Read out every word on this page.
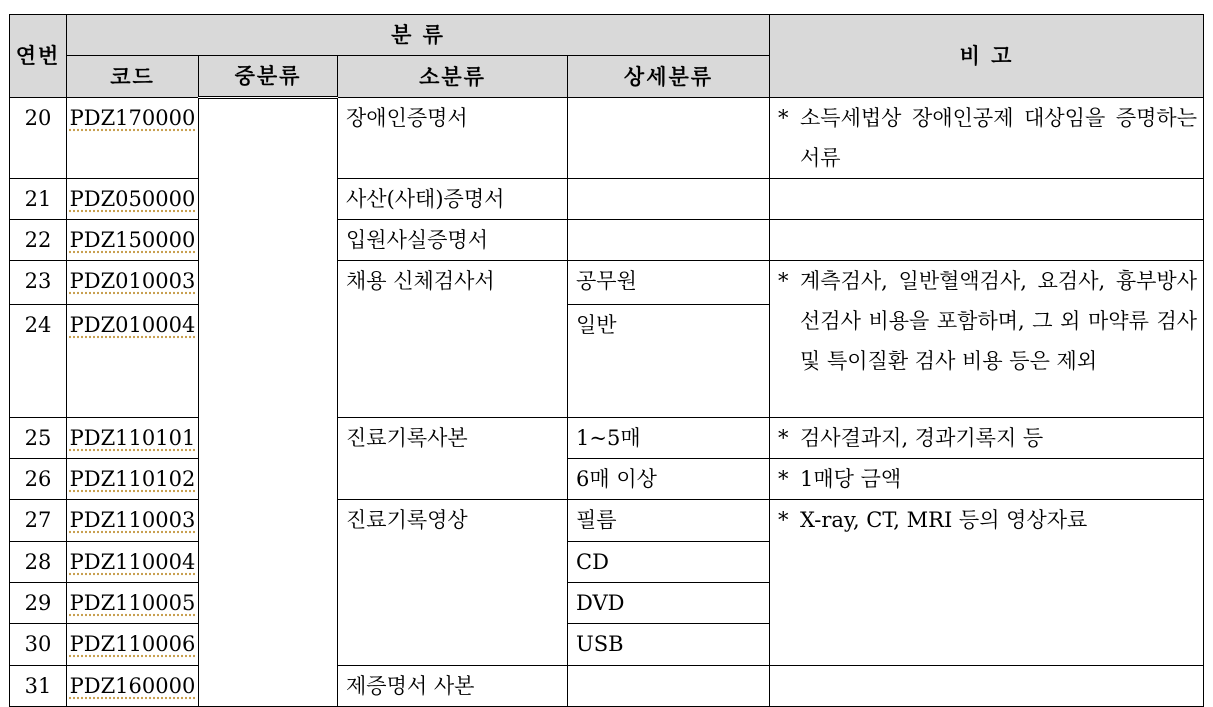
연번	분 류				비 고
	코드	중분류	소분류	상세분류	
20	PDZ170000		장애인증명서		* 소득세법상 장애인공제 대상임을 증명하는 서류

21	PDZ050000		사산(사태)증명서		
22	PDZ150000		입원사실증명서		
23	PDZ010003		채용 신체검사서	공무원	* 계측검사, 일반혈액검사, 요검사, 흉부방사선검사 비용을 포함하며, 그 외 마약류 검사 및 특이질환 검사 비용 등은 제외

24	PDZ010004			일반	
25	PDZ110101		진료기록사본	1~5매	* 검사결과지, 경과기록지 등

26	PDZ110102			6매 이상	* 1매당 금액

27	PDZ110003		진료기록영상	필름	* X-ray, CT, MRI 등의 영상자료

28	PDZ110004			CD	
29	PDZ110005			DVD	
30	PDZ110006			USB	
31	PDZ160000		제증명서 사본		
